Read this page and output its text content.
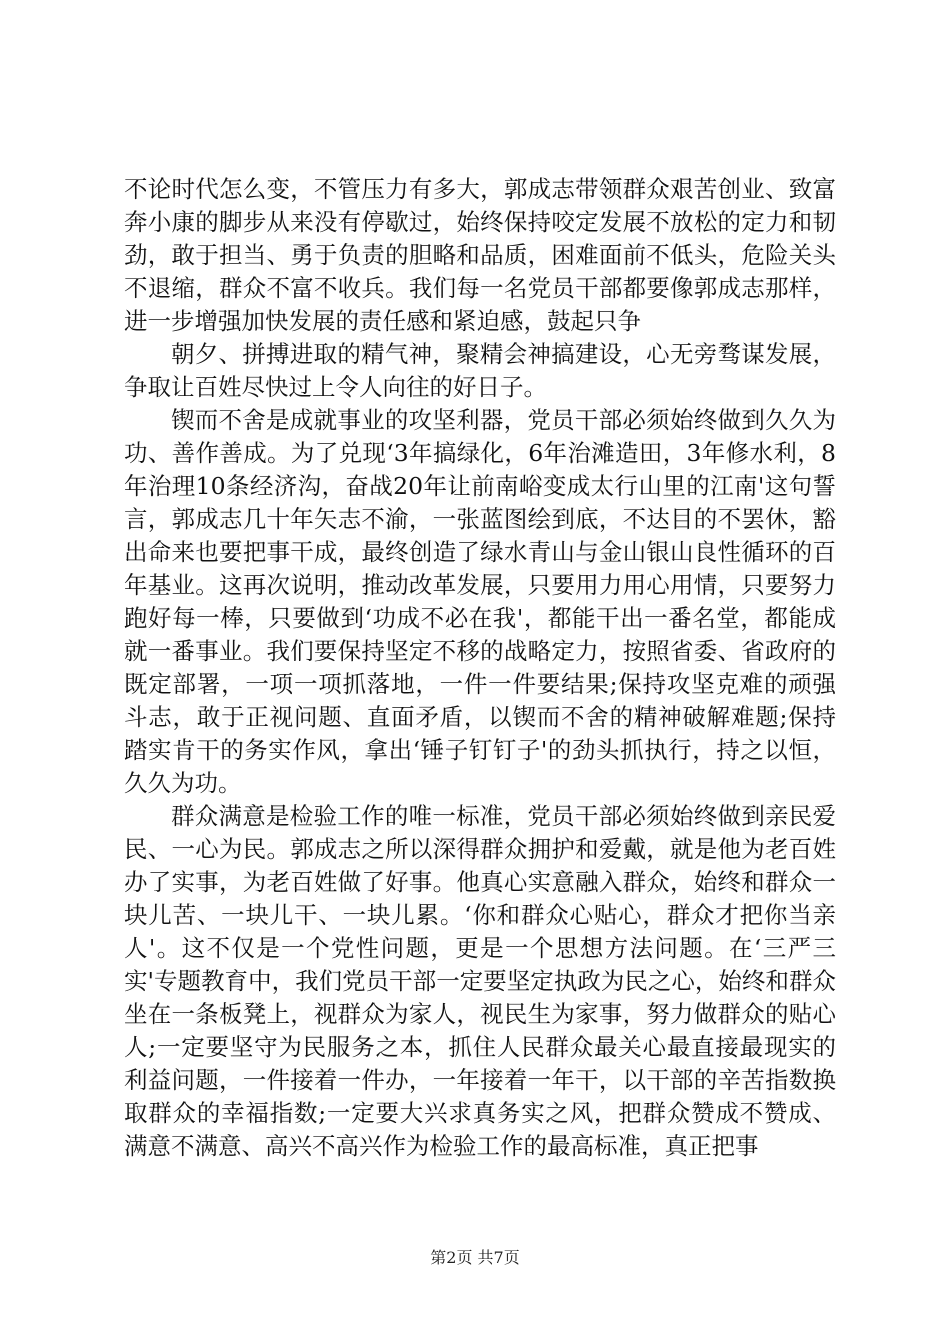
不论时代怎么变，不管压力有多大，郭成志带领群众艰苦创业、致富奔小康的脚步从来没有停歇过，始终保持咬定发展不放松的定力和韧劲，敢于担当、勇于负责的胆略和品质，困难面前不低头，危险关头不退缩，群众不富不收兵。我们每一名党员干部都要像郭成志那样，进一步增强加快发展的责任感和紧迫感，鼓起只争

朝夕、拼搏进取的精气神，聚精会神搞建设，心无旁骛谋发展，争取让百姓尽快过上令人向往的好日子。

锲而不舍是成就事业的攻坚利器，党员干部必须始终做到久久为功、善作善成。为了兑现‘3年搞绿化，6年治滩造田，3年修水利，8年治理10条经济沟，奋战20年让前南峪变成太行山里的江南'这句誓言，郭成志几十年矢志不渝，一张蓝图绘到底，不达目的不罢休，豁出命来也要把事干成，最终创造了绿水青山与金山银山良性循环的百年基业。这再次说明，推动改革发展，只要用力用心用情，只要努力跑好每一棒，只要做到‘功成不必在我'，都能干出一番名堂，都能成就一番事业。我们要保持坚定不移的战略定力，按照省委、省政府的既定部署，一项一项抓落地，一件一件要结果;保持攻坚克难的顽强斗志，敢于正视问题、直面矛盾，以锲而不舍的精神破解难题;保持踏实肯干的务实作风，拿出‘锤子钉钉子'的劲头抓执行，持之以恒，久久为功。

群众满意是检验工作的唯一标准，党员干部必须始终做到亲民爱民、一心为民。郭成志之所以深得群众拥护和爱戴，就是他为老百姓办了实事，为老百姓做了好事。他真心实意融入群众，始终和群众一块儿苦、一块儿干、一块儿累。‘你和群众心贴心，群众才把你当亲人'。这不仅是一个党性问题，更是一个思想方法问题。在‘三严三实'专题教育中，我们党员干部一定要坚定执政为民之心，始终和群众坐在一条板凳上，视群众为家人，视民生为家事，努力做群众的贴心人;一定要坚守为民服务之本，抓住人民群众最关心最直接最现实的利益问题，一件接着一件办，一年接着一年干，以干部的辛苦指数换取群众的幸福指数;一定要大兴求真务实之风，把群众赞成不赞成、满意不满意、高兴不高兴作为检验工作的最高标准，真正把事

第2页 共7页
